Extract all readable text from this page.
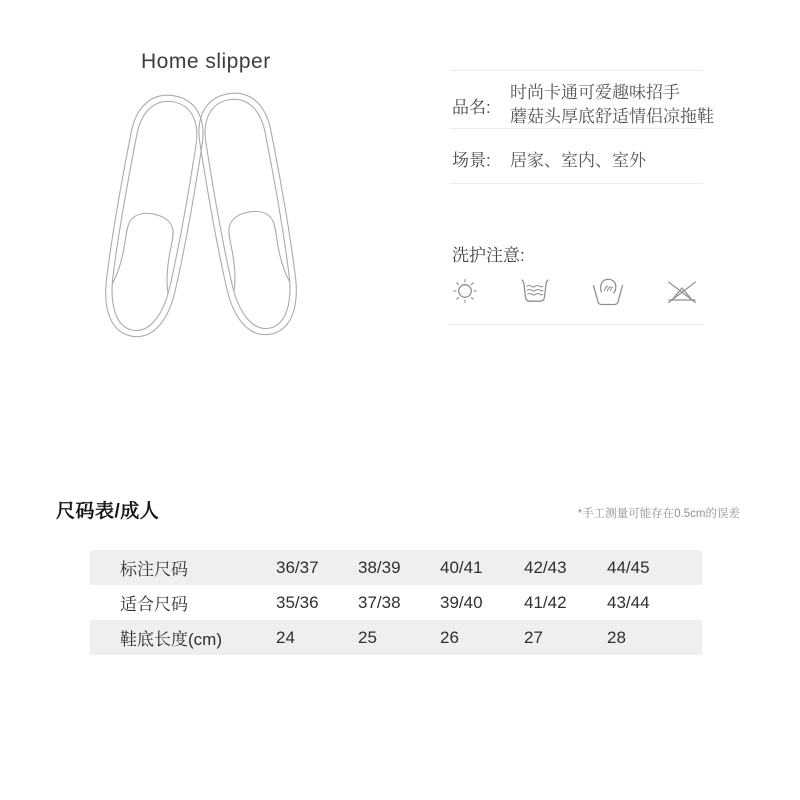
Home slipper
品名:
时尚卡通可爱趣味招手
蘑菇头厚底舒适情侣凉拖鞋
场景:	居家、室内、室外
洗护注意:
尺码表/成人	*手工测量可能存在0.5cm的误差
标注尺码	36/37	38/39	40/41	42/43	44/45
适合尺码	35/36	37/38	39/40	41/42	43/44
鞋底长度(cm)	24	25	26	27	28
